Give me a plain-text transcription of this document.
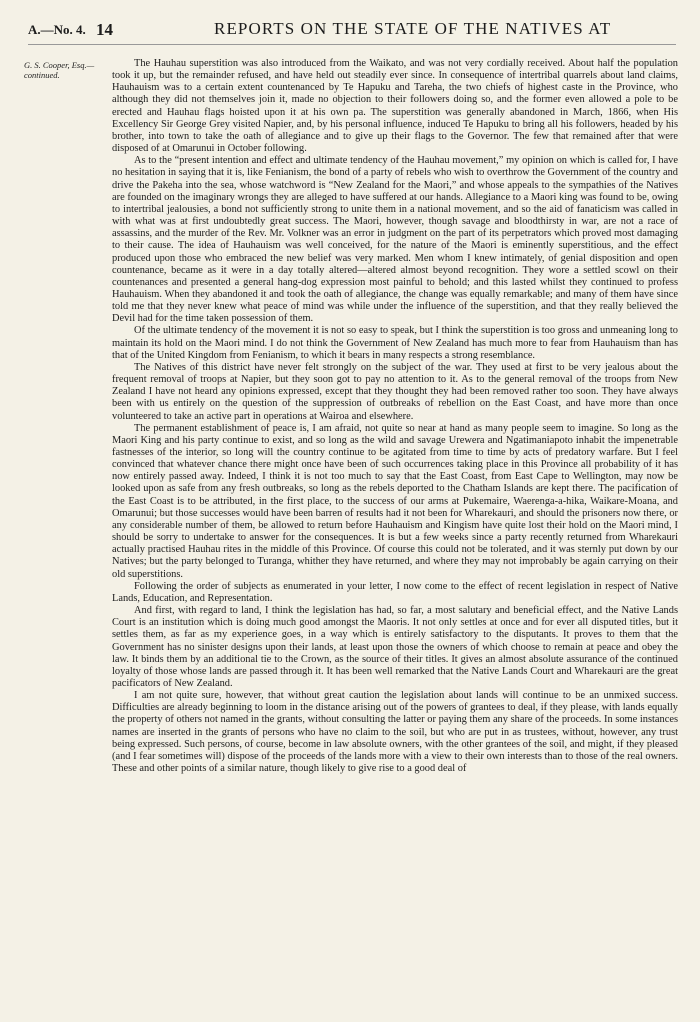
A.—No. 4. 14	REPORTS ON THE STATE OF THE NATIVES AT
G. S. Cooper, Esq.— continued.

The Hauhau superstition was also introduced from the Waikato, and was not very cordially received. About half the population took it up, but the remainder refused, and have held out steadily ever since. In consequence of intertribal quarrels about land claims, Hauhauism was to a certain extent countenanced by Te Hapuku and Tareha, the two chiefs of highest caste in the Province, who although they did not themselves join it, made no objection to their followers doing so, and the former even allowed a pole to be erected and Hauhau flags hoisted upon it at his own pa. The superstition was generally abandoned in March, 1866, when His Excellency Sir George Grey visited Napier, and, by his personal influence, induced Te Hapuku to bring all his followers, headed by his brother, into town to take the oath of allegiance and to give up their flags to the Governor. The few that remained after that were disposed of at Omarunui in October following.

As to the “present intention and effect and ultimate tendency of the Hauhau movement,” my opinion on which is called for, I have no hesitation in saying that it is, like Fenianism, the bond of a party of rebels who wish to overthrow the Government of the country and drive the Pakeha into the sea, whose watchword is “New Zealand for the Maori,” and whose appeals to the sympathies of the Natives are founded on the imaginary wrongs they are alleged to have suffered at our hands. Allegiance to a Maori king was found to be, owing to intertribal jealousies, a bond not sufficiently strong to unite them in a national movement, and so the aid of fanaticism was called in with what was at first undoubtedly great success. The Maori, however, though savage and bloodthirsty in war, are not a race of assassins, and the murder of the Rev. Mr. Volkner was an error in judgment on the part of its perpetrators which proved most damaging to their cause. The idea of Hauhauism was well conceived, for the nature of the Maori is eminently superstitious, and the effect produced upon those who embraced the new belief was very marked. Men whom I knew intimately, of genial disposition and open countenance, became as it were in a day totally altered—altered almost beyond recognition. They wore a settled scowl on their countenances and presented a general hang-dog expression most painful to behold; and this lasted whilst they continued to profess Hauhauism. When they abandoned it and took the oath of allegiance, the change was equally remarkable; and many of them have since told me that they never knew what peace of mind was while under the influence of the superstition, and that they really believed the Devil had for the time taken possession of them.

Of the ultimate tendency of the movement it is not so easy to speak, but I think the superstition is too gross and unmeaning long to maintain its hold on the Maori mind. I do not think the Government of New Zealand has much more to fear from Hauhauism than has that of the United Kingdom from Fenianism, to which it bears in many respects a strong resemblance.

The Natives of this district have never felt strongly on the subject of the war. They used at first to be very jealous about the frequent removal of troops at Napier, but they soon got to pay no attention to it. As to the general removal of the troops from New Zealand I have not heard any opinions expressed, except that they thought they had been removed rather too soon. They have always been with us entirely on the question of the suppression of outbreaks of rebellion on the East Coast, and have more than once volunteered to take an active part in operations at Wairoa and elsewhere.

The permanent establishment of peace is, I am afraid, not quite so near at hand as many people seem to imagine. So long as the Maori King and his party continue to exist, and so long as the wild and savage Urewera and Ngatimaniapoto inhabit the impenetrable fastnesses of the interior, so long will the country continue to be agitated from time to time by acts of predatory warfare. But I feel convinced that whatever chance there might once have been of such occurrences taking place in this Province all probability of it has now entirely passed away. Indeed, I think it is not too much to say that the East Coast, from East Cape to Wellington, may now be looked upon as safe from any fresh outbreaks, so long as the rebels deported to the Chatham Islands are kept there. The pacification of the East Coast is to be attributed, in the first place, to the success of our arms at Pukemaire, Waerenga-a-hika, Waikare-Moana, and Omarunui; but those successes would have been barren of results had it not been for Wharekauri, and should the prisoners now there, or any considerable number of them, be allowed to return before Hauhauism and Kingism have quite lost their hold on the Maori mind, I should be sorry to undertake to answer for the consequences. It is but a few weeks since a party recently returned from Wharekauri actually practised Hauhau rites in the middle of this Province. Of course this could not be tolerated, and it was sternly put down by our Natives; but the party belonged to Turanga, whither they have returned, and where they may not improbably be again carrying on their old superstitions.

Following the order of subjects as enumerated in your letter, I now come to the effect of recent legislation in respect of Native Lands, Education, and Representation.

And first, with regard to land, I think the legislation has had, so far, a most salutary and beneficial effect, and the Native Lands Court is an institution which is doing much good amongst the Maoris. It not only settles at once and for ever all disputed titles, but it settles them, as far as my experience goes, in a way which is entirely satisfactory to the disputants. It proves to them that the Government has no sinister designs upon their lands, at least upon those the owners of which choose to remain at peace and obey the law. It binds them by an additional tie to the Crown, as the source of their titles. It gives an almost absolute assurance of the continued loyalty of those whose lands are passed through it. It has been well remarked that the Native Lands Court and Wharekauri are the great pacificators of New Zealand.

I am not quite sure, however, that without great caution the legislation about lands will continue to be an unmixed success. Difficulties are already beginning to loom in the distance arising out of the powers of grantees to deal, if they please, with lands equally the property of others not named in the grants, without consulting the latter or paying them any share of the proceeds. In some instances names are inserted in the grants of persons who have no claim to the soil, but who are put in as trustees, without, however, any trust being expressed. Such persons, of course, become in law absolute owners, with the other grantees of the soil, and might, if they pleased (and I fear sometimes will) dispose of the proceeds of the lands more with a view to their own interests than to those of the real owners. These and other points of a similar nature, though likely to give rise to a good deal of
